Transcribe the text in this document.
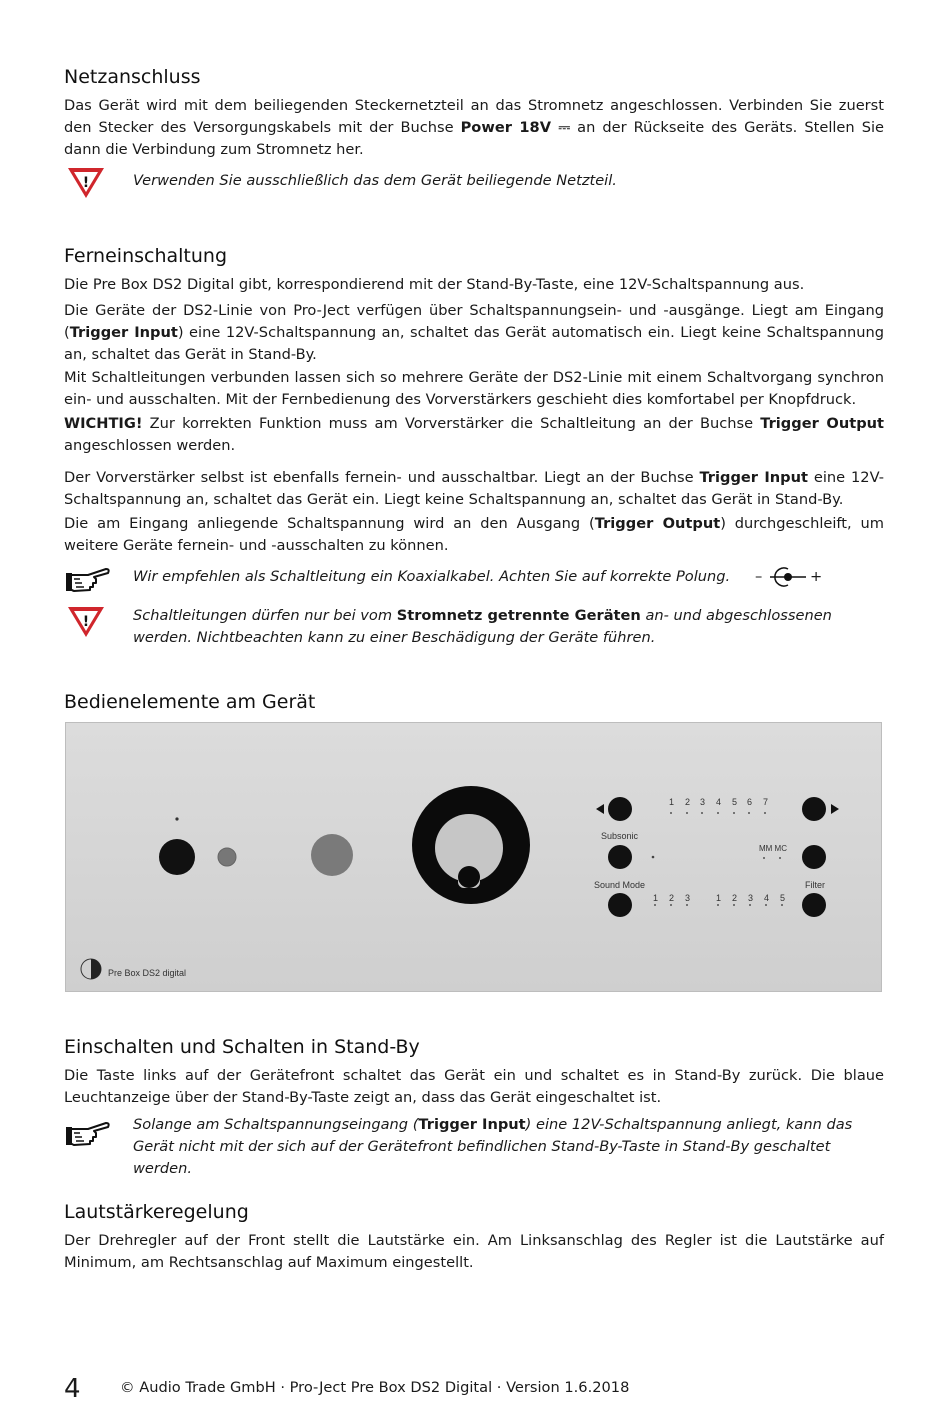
Netzanschluss

Das Gerät wird mit dem beiliegenden Steckernetzteil an das Stromnetz angeschlossen. Verbinden Sie zuerst den Stecker des Versorgungskabels mit der Buchse Power 18V ⎓ an der Rückseite des Geräts. Stellen Sie dann die Verbindung zum Stromnetz her.

!	Verwenden Sie ausschließlich das dem Gerät beiliegende Netzteil.

Ferneinschaltung

Die Pre Box DS2 Digital gibt, korrespondierend mit der Stand-By-Taste, eine 12V-Schaltspannung aus.

Die Geräte der DS2-Linie von Pro-Ject verfügen über Schaltspannungsein- und -ausgänge. Liegt am Eingang (Trigger Input) eine 12V-Schaltspannung an, schaltet das Gerät automatisch ein. Liegt keine Schaltspannung an, schaltet das Gerät in Stand-By.

Mit Schaltleitungen verbunden lassen sich so mehrere Geräte der DS2-Linie mit einem Schaltvorgang synchron ein- und ausschalten. Mit der Fernbedienung des Vorverstärkers geschieht dies komfortabel per Knopfdruck.

WICHTIG! Zur korrekten Funktion muss am Vorverstärker die Schaltleitung an der Buchse Trigger Output angeschlossen werden.

Der Vorverstärker selbst ist ebenfalls fernein- und ausschaltbar. Liegt an der Buchse Trigger Input eine 12V-Schaltspannung an, schaltet das Gerät ein. Liegt keine Schaltspannung an, schaltet das Gerät in Stand-By.

Die am Eingang anliegende Schaltspannung wird an den Ausgang (Trigger Output) durchgeschleift, um weitere Geräte fernein- und -ausschalten zu können.

Wir empfehlen als Schaltleitung ein Koaxialkabel. Achten Sie auf korrekte Polung.	–	+
!	Schaltleitungen dürfen nur bei vom Stromnetz getrennte Geräten an- und abgeschlossenen werden. Nichtbeachten kann zu einer Beschädigung der Geräte führen.

Bedienelemente am Gerät
Subsonic
Sound Mode	Filter
MM MC
Pre Box DS2 digital
1 2 3 4 5 6 7
1 2 3	1 2 3 4 5
Einschalten und Schalten in Stand-By

Die Taste links auf der Gerätefront schaltet das Gerät ein und schaltet es in Stand-By zurück. Die blaue Leuchtanzeige über der Stand-By-Taste zeigt an, dass das Gerät eingeschaltet ist.

Solange am Schaltspannungseingang (Trigger Input) eine 12V-Schaltspannung anliegt, kann das Gerät nicht mit der sich auf der Gerätefront befindlichen Stand-By-Taste in Stand-By geschaltet werden.

Lautstärkeregelung

Der Drehregler auf der Front stellt die Lautstärke ein. Am Linksanschlag des Regler ist die Lautstärke auf Minimum, am Rechtsanschlag auf Maximum eingestellt.

4	© Audio Trade GmbH · Pro-Ject Pre Box DS2 Digital · Version 1.6.2018
